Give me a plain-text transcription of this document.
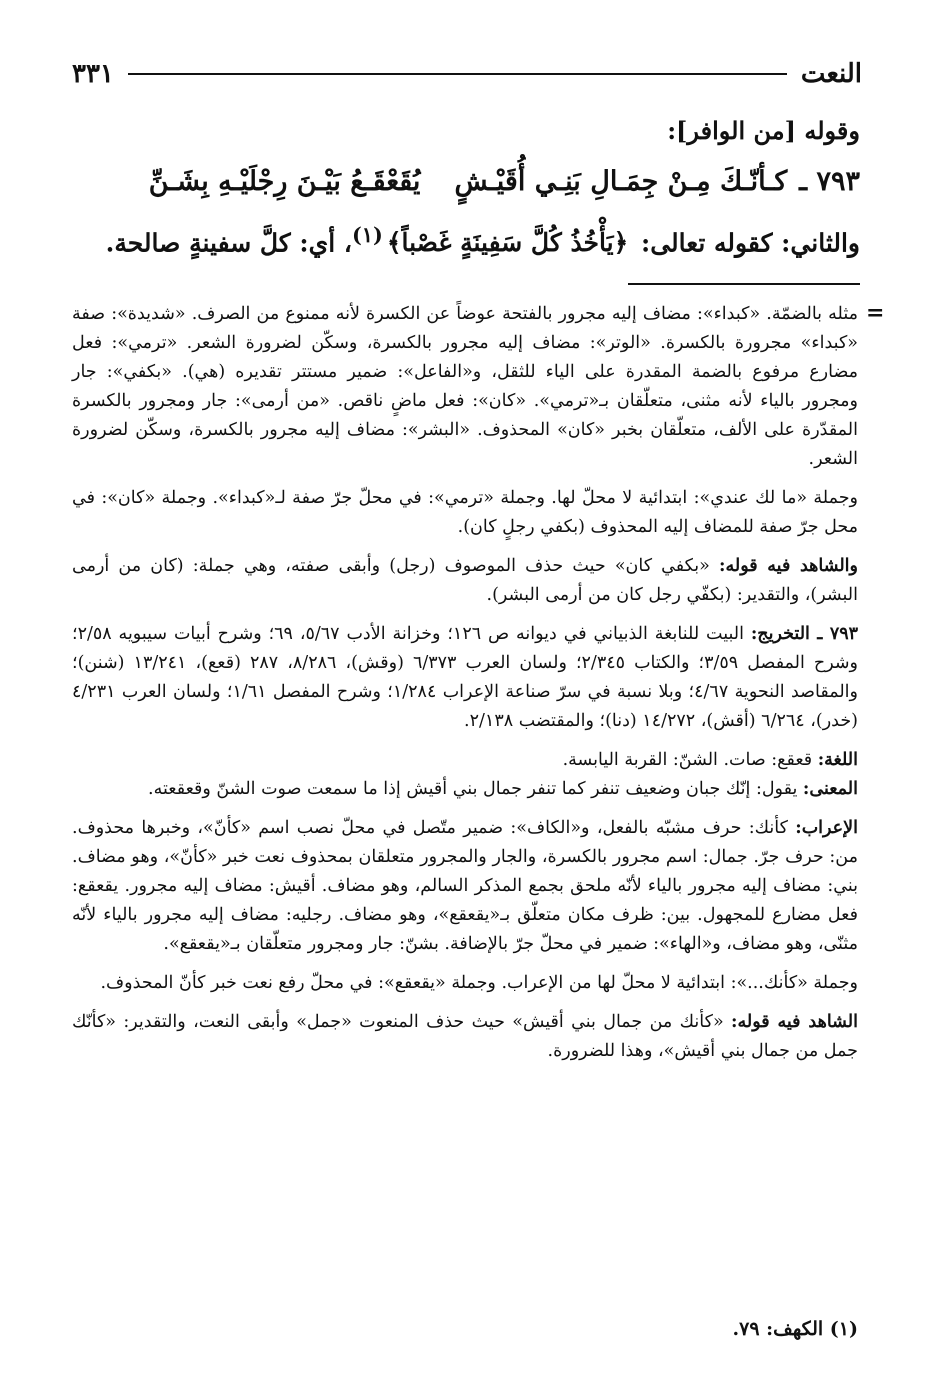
٣٣١	النعت
وقوله [من الوافر]:
٧٩٣ ـ
كـأنّـكَ مِـنْ جِمَـالِ بَنِـي أُقَيْـشٍ
يُقَعْقَـعُ بَيْـنَ رِجْلَيْـهِ بِشَـنِّ
والثاني: كقوله تعالى: ﴿يَأْخُذُ كُلَّ سَفِينَةٍ غَصْباً﴾$^{(١)}$، أي: كلَّ سفينةٍ صالحة.
=

مثله بالضمّة. «كبداء»: مضاف إليه مجرور بالفتحة عوضاً عن الكسرة لأنه ممنوع من الصرف. «شديدة»: صفة «كبداء» مجرورة بالكسرة. «الوتر»: مضاف إليه مجرور بالكسرة، وسكّن لضرورة الشعر. «ترمي»: فعل مضارع مرفوع بالضمة المقدرة على الياء للثقل، و«الفاعل»: ضمير مستتر تقديره (هي). «بكفي»: جار ومجرور بالياء لأنه مثنى، متعلّقان بـ«ترمي». «كان»: فعل ماضٍ ناقص. «من أرمى»: جار ومجرور بالكسرة المقدّرة على الألف، متعلّقان بخبر «كان» المحذوف. «البشر»: مضاف إليه مجرور بالكسرة، وسكّن لضرورة الشعر.

وجملة «ما لك عندي»: ابتدائية لا محلّ لها. وجملة «ترمي»: في محلّ جرّ صفة لـ«كبداء». وجملة «كان»: في محل جرّ صفة للمضاف إليه المحذوف (بكفي رجلٍ كان).

والشاهد فيه قوله: «بكفي كان» حيث حذف الموصوف (رجل) وأبقى صفته، وهي جملة: (كان من أرمى البشر)، والتقدير: (بكفّي رجل كان من أرمى البشر).

٧٩٣ ـ التخريج: البيت للنابغة الذبياني في ديوانه ص ١٢٦؛ وخزانة الأدب ٥/٦٧، ٦٩؛ وشرح أبيات سيبويه ٢/٥٨؛ وشرح المفصل ٣/٥٩؛ والكتاب ٢/٣٤٥؛ ولسان العرب ٦/٣٧٣ (وقش)، ٨/٢٨٦، ٢٨٧ (قعع)، ١٣/٢٤١ (شنن)؛ والمقاصد النحوية ٤/٦٧؛ وبلا نسبة في سرّ صناعة الإعراب ١/٢٨٤؛ وشرح المفصل ١/٦١؛ ولسان العرب ٤/٢٣١ (خدر)، ٦/٢٦٤ (أقش)، ١٤/٢٧٢ (دنا)؛ والمقتضب ٢/١٣٨.

اللغة: قعقع: صات. الشنّ: القربة اليابسة.

المعنى: يقول: إنّك جبان وضعيف تنفر كما تنفر جمال بني أقيش إذا ما سمعت صوت الشنّ وقعقعته.

الإعراب: كأنك: حرف مشبّه بالفعل، و«الكاف»: ضمير متّصل في محلّ نصب اسم «كأنّ»، وخبرها محذوف. من: حرف جرّ. جمال: اسم مجرور بالكسرة، والجار والمجرور متعلقان بمحذوف نعت خبر «كأنّ»، وهو مضاف. بني: مضاف إليه مجرور بالياء لأنّه ملحق بجمع المذكر السالم، وهو مضاف. أقيش: مضاف إليه مجرور. يقعقع: فعل مضارع للمجهول. بين: ظرف مكان متعلّق بـ«يقعقع»، وهو مضاف. رجليه: مضاف إليه مجرور بالياء لأنّه مثنّى، وهو مضاف، و«الهاء»: ضمير في محلّ جرّ بالإضافة. بشنّ: جار ومجرور متعلّقان بـ«يقعقع».

وجملة «كأنك...»: ابتدائية لا محلّ لها من الإعراب. وجملة «يقعقع»: في محلّ رفع نعت خبر كأنّ المحذوف.

الشاهد فيه قوله: «كأنك من جمال بني أقيش» حيث حذف المنعوت «جمل» وأبقى النعت، والتقدير: «كأنّك جمل من جمال بني أقيش»، وهذا للضرورة.

(١) الكهف: ٧٩.
